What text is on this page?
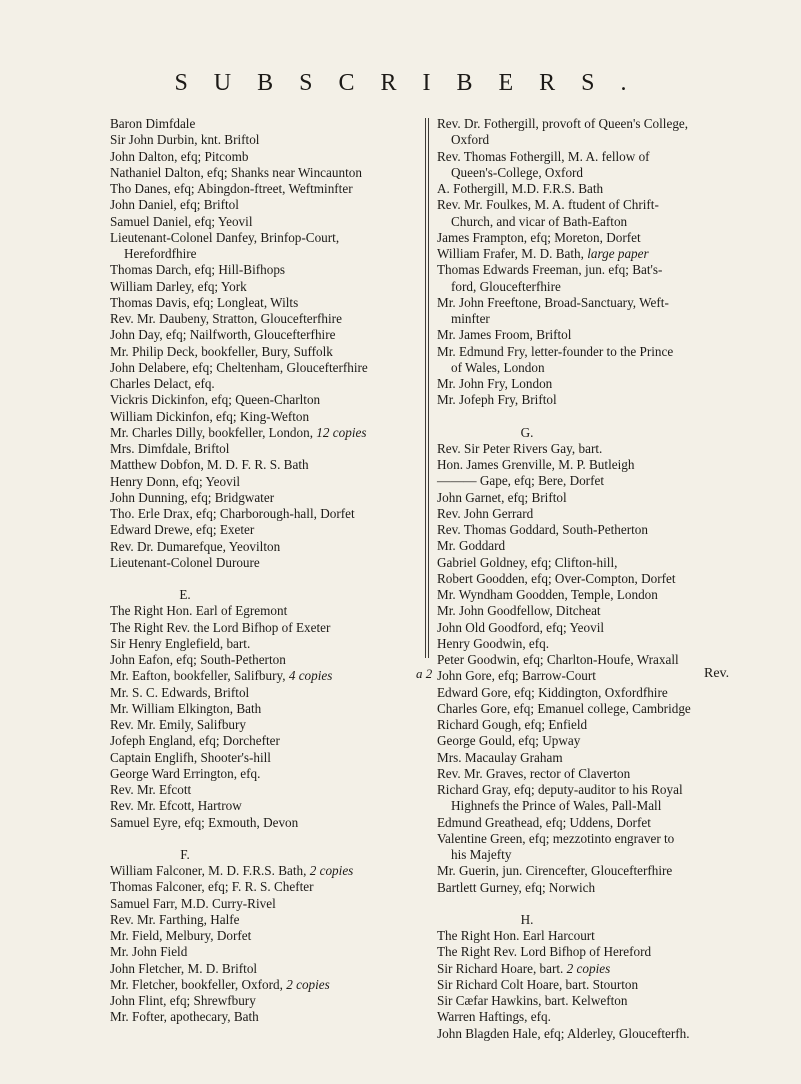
SUBSCRIBERS.
Baron Dimfdale
Sir John Durbin, knt. Briftol
John Dalton, efq; Pitcomb
Nathaniel Dalton, efq; Shanks near Wincaunton
Tho Danes, efq; Abingdon-ftreet, Weftminfter
John Daniel, efq; Briftol
Samuel Daniel, efq; Yeovil
Lieutenant-Colonel Danfey, Brinfop-Court,
Herefordfhire
Thomas Darch, efq; Hill-Bifhops
William Darley, efq; York
Thomas Davis, efq; Longleat, Wilts
Rev. Mr. Daubeny, Stratton, Gloucefterfhire
John Day, efq; Nailfworth, Gloucefterfhire
Mr. Philip Deck, bookfeller, Bury, Suffolk
John Delabere, efq; Cheltenham, Gloucefterfhire
Charles Delact, efq.
Vickris Dickinfon, efq; Queen-Charlton
William Dickinfon, efq; King-Wefton
Mr. Charles Dilly, bookfeller, London, 12 copies
Mrs. Dimfdale, Briftol
Matthew Dobfon, M. D. F. R. S. Bath
Henry Donn, efq; Yeovil
John Dunning, efq; Bridgwater
Tho. Erle Drax, efq; Charborough-hall, Dorfet
Edward Drewe, efq; Exeter
Rev. Dr. Dumarefque, Yeovilton
Lieutenant-Colonel Duroure
E.
The Right Hon. Earl of Egremont
The Right Rev. the Lord Bifhop of Exeter
Sir Henry Englefield, bart.
John Eafon, efq; South-Petherton
Mr. Eafton, bookfeller, Salifbury, 4 copies
Mr. S. C. Edwards, Briftol
Mr. William Elkington, Bath
Rev. Mr. Emily, Salifbury
Jofeph England, efq; Dorchefter
Captain Englifh, Shooter's-hill
George Ward Errington, efq.
Rev. Mr. Efcott
Rev. Mr. Efcott, Hartrow
Samuel Eyre, efq; Exmouth, Devon
F.
William Falconer, M. D. F.R.S. Bath, 2 copies
Thomas Falconer, efq; F. R. S. Chefter
Samuel Farr, M.D. Curry-Rivel
Rev. Mr. Farthing, Halfe
Mr. Field, Melbury, Dorfet
Mr. John Field
John Fletcher, M. D. Briftol
Mr. Fletcher, bookfeller, Oxford, 2 copies
John Flint, efq; Shrewfbury
Mr. Fofter, apothecary, Bath
Rev. Dr. Fothergill, provoft of Queen's College,
Oxford
Rev. Thomas Fothergill, M. A. fellow of
Queen's-College, Oxford
A. Fothergill, M.D. F.R.S. Bath
Rev. Mr. Foulkes, M. A. ftudent of Chrift-
Church, and vicar of Bath-Eafton
James Frampton, efq; Moreton, Dorfet
William Frafer, M. D. Bath, large paper
Thomas Edwards Freeman, jun. efq; Bat's-
ford, Gloucefterfhire
Mr. John Freeftone, Broad-Sanctuary, Weft-
minfter
Mr. James Froom, Briftol
Mr. Edmund Fry, letter-founder to the Prince
of Wales, London
Mr. John Fry, London
Mr. Jofeph Fry, Briftol
G.
Rev. Sir Peter Rivers Gay, bart.
Hon. James Grenville, M. P. Butleigh
——— Gape, efq; Bere, Dorfet
John Garnet, efq; Briftol
Rev. John Gerrard
Rev. Thomas Goddard, South-Petherton
Mr. Goddard
Gabriel Goldney, efq; Clifton-hill,
Robert Goodden, efq; Over-Compton, Dorfet
Mr. Wyndham Goodden, Temple, London
Mr. John Goodfellow, Ditcheat
John Old Goodford, efq; Yeovil
Henry Goodwin, efq.
Peter Goodwin, efq; Charlton-Houfe, Wraxall
John Gore, efq; Barrow-Court
Edward Gore, efq; Kiddington, Oxfordfhire
Charles Gore, efq; Emanuel college, Cambridge
Richard Gough, efq; Enfield
George Gould, efq; Upway
Mrs. Macaulay Graham
Rev. Mr. Graves, rector of Claverton
Richard Gray, efq; deputy-auditor to his Royal
Highnefs the Prince of Wales, Pall-Mall
Edmund Greathead, efq; Uddens, Dorfet
Valentine Green, efq; mezzotinto engraver to
his Majefty
Mr. Guerin, jun. Cirencefter, Gloucefterfhire
Bartlett Gurney, efq; Norwich
H.
The Right Hon. Earl Harcourt
The Right Rev. Lord Bifhop of Hereford
Sir Richard Hoare, bart. 2 copies
Sir Richard Colt Hoare, bart. Stourton
Sir Cæfar Hawkins, bart. Kelwefton
Warren Haftings, efq.
John Blagden Hale, efq; Alderley, Gloucefterfh.
a 2	Rev.
